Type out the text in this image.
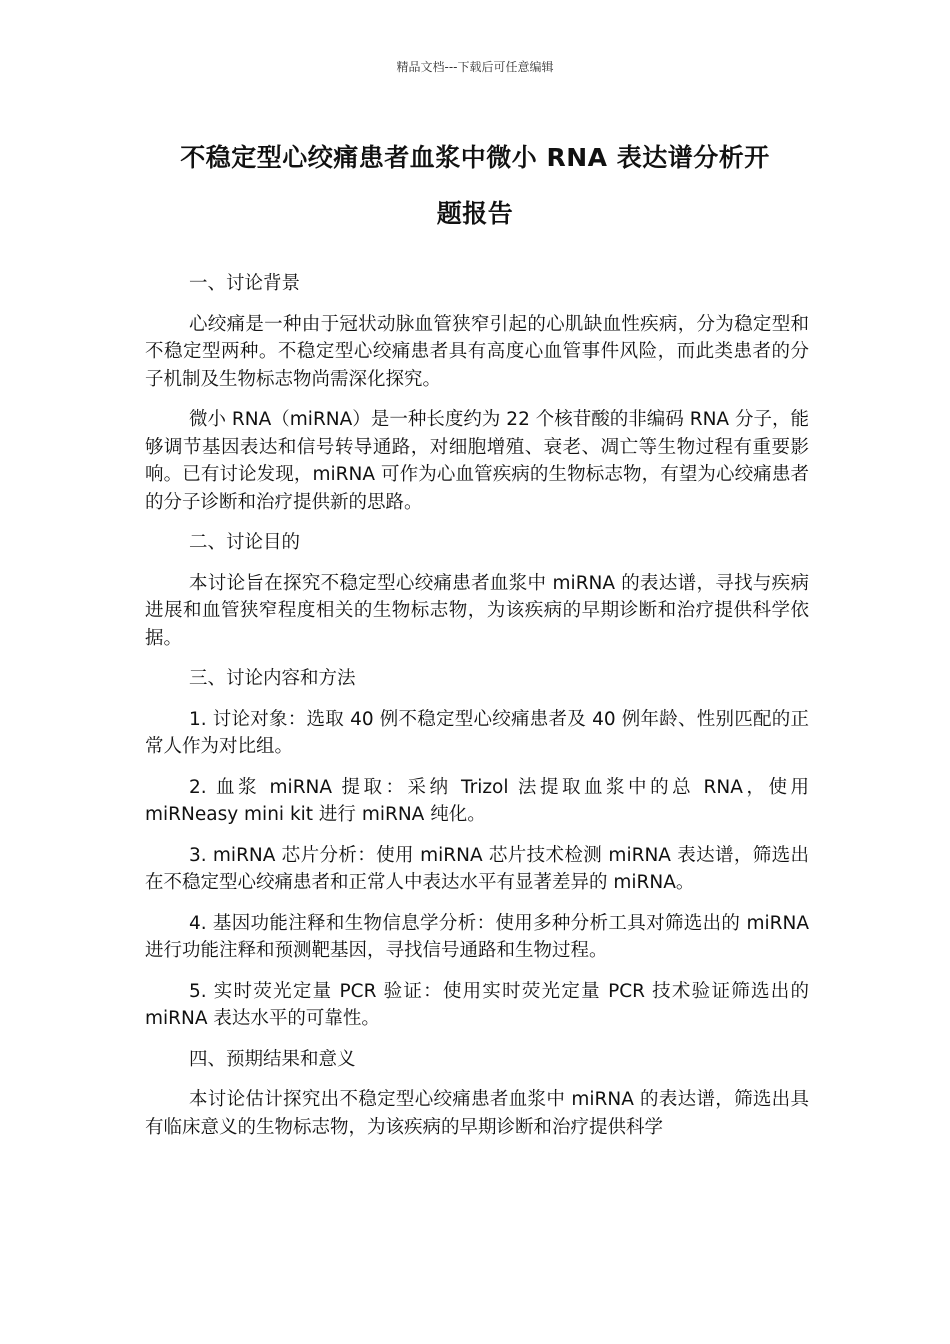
精品文档---下载后可任意编辑
不稳定型心绞痛患者血浆中微小 RNA 表达谱分析开
题报告

一、讨论背景

心绞痛是一种由于冠状动脉血管狭窄引起的心肌缺血性疾病，分为稳定型和不稳定型两种。不稳定型心绞痛患者具有高度心血管事件风险，而此类患者的分子机制及生物标志物尚需深化探究。

微小 RNA（miRNA）是一种长度约为 22 个核苷酸的非编码 RNA 分子，能够调节基因表达和信号转导通路，对细胞增殖、衰老、凋亡等生物过程有重要影响。已有讨论发现，miRNA 可作为心血管疾病的生物标志物，有望为心绞痛患者的分子诊断和治疗提供新的思路。

二、讨论目的

本讨论旨在探究不稳定型心绞痛患者血浆中 miRNA 的表达谱，寻找与疾病进展和血管狭窄程度相关的生物标志物，为该疾病的早期诊断和治疗提供科学依据。

三、讨论内容和方法

1. 讨论对象：选取 40 例不稳定型心绞痛患者及 40 例年龄、性别匹配的正常人作为对比组。

2. 血浆 miRNA 提取：采纳 Trizol 法提取血浆中的总 RNA，使用 miRNeasy mini kit 进行 miRNA 纯化。

3. miRNA 芯片分析：使用 miRNA 芯片技术检测 miRNA 表达谱，筛选出在不稳定型心绞痛患者和正常人中表达水平有显著差异的 miRNA。

4. 基因功能注释和生物信息学分析：使用多种分析工具对筛选出的 miRNA 进行功能注释和预测靶基因，寻找信号通路和生物过程。

5. 实时荧光定量 PCR 验证：使用实时荧光定量 PCR 技术验证筛选出的 miRNA 表达水平的可靠性。

四、预期结果和意义

本讨论估计探究出不稳定型心绞痛患者血浆中 miRNA 的表达谱，筛选出具有临床意义的生物标志物，为该疾病的早期诊断和治疗提供科学
